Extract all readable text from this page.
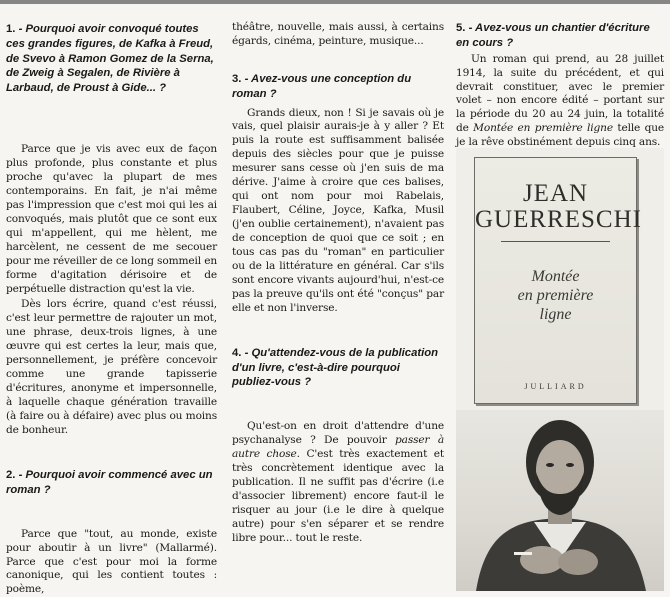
1. - Pourquoi avoir convoqué toutes ces grandes figures, de Kafka à Freud, de Svevo à Ramon Gomez de la Serna, de Zweig à Segalen, de Rivière à Larbaud, de Proust à Gide... ?

Parce que je vis avec eux de façon plus profonde, plus constante et plus proche qu'avec la plupart de mes contemporains. En fait, je n'ai même pas l'impression que c'est moi qui les ai convoqués, mais plutôt que ce sont eux qui m'appellent, qui me hèlent, me harcèlent, ne cessent de me secouer pour me réveiller de ce long sommeil en forme d'agitation dérisoire et de perpétuelle distraction qu'est la vie.

Dès lors écrire, quand c'est réussi, c'est leur permettre de rajouter un mot, une phrase, deux-trois lignes, à une œuvre qui est certes la leur, mais que, personnellement, je préfère concevoir comme une grande tapisserie d'écritures, anonyme et impersonnelle, à laquelle chaque génération travaille (à faire ou à défaire) avec plus ou moins de bonheur.

2. - Pourquoi avoir commencé avec un roman ?

Parce que "tout, au monde, existe pour aboutir à un livre" (Mallarmé). Parce que c'est pour moi la forme canonique, qui les contient toutes : poème,

théâtre, nouvelle, mais aussi, à certains égards, cinéma, peinture, musique...

3. - Avez-vous une conception du roman ?

Grands dieux, non ! Si je savais où je vais, quel plaisir aurais-je à y aller ? Et puis la route est suffisamment balisée depuis des siècles pour que je puisse mesurer sans cesse où j'en suis de ma dérive. J'aime à croire que ces balises, qui ont nom pour moi Rabelais, Flaubert, Céline, Joyce, Kafka, Musil (j'en oublie certainement), n'avaient pas de conception de quoi que ce soit ; en tous cas pas du "roman" en particulier ou de la littérature en général. Car s'ils sont encore vivants aujourd'hui, n'est-ce pas la preuve qu'ils ont été "conçus" par elle et non l'inverse.

4. - Qu'attendez-vous de la publication d'un livre, c'est-à-dire pourquoi publiez-vous ?

Qu'est-on en droit d'attendre d'une psychanalyse ? De pouvoir passer à autre chose. C'est très exactement et très concrètement identique avec la publication. Il ne suffit pas d'écrire (i.e d'associer librement) encore faut-il le risquer au jour (i.e le dire à quelque autre) pour s'en séparer et se rendre libre pour... tout le reste.

5. - Avez-vous un chantier d'écriture en cours ?

Un roman qui prend, au 28 juillet 1914, la suite du précédent, et qui devrait constituer, avec le premier volet – non encore édité – portant sur la période du 20 au 24 juin, la totalité de Montée en première ligne telle que je la rêve obstinément depuis cinq ans.

JEAN
GUERRESCHI
Montée
en première
ligne
JULLIARD
